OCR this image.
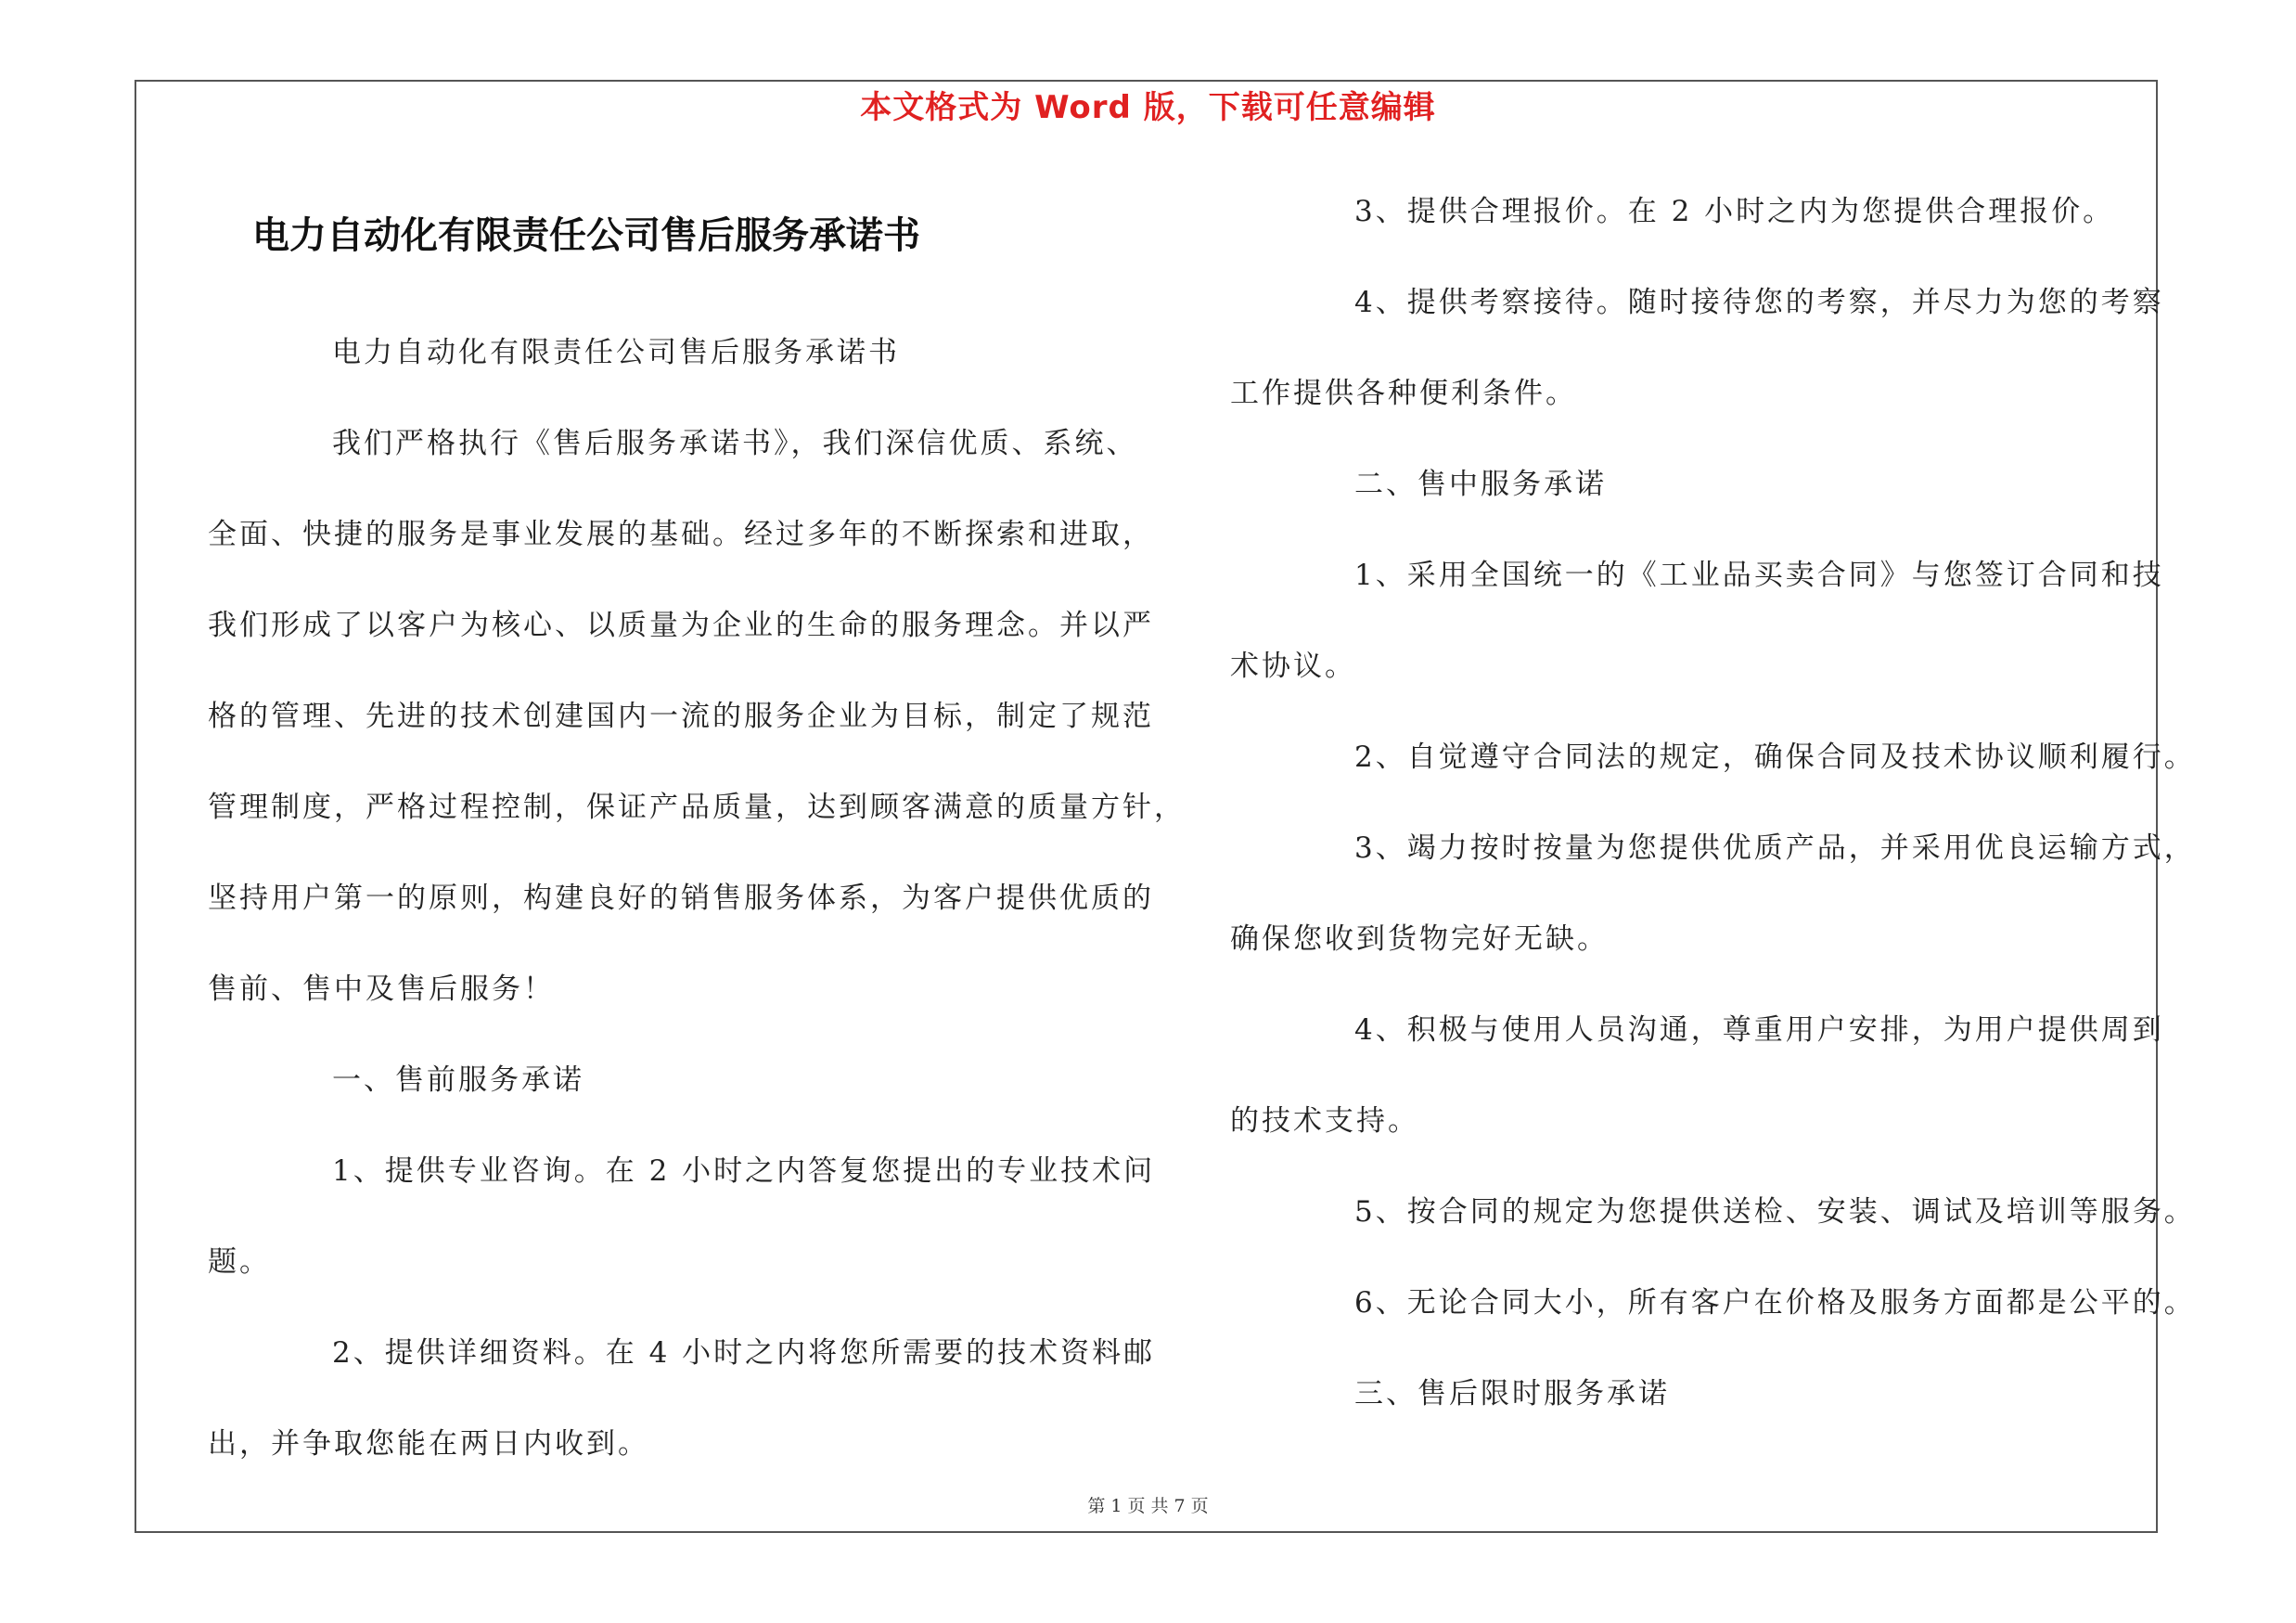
本文格式为 Word 版，下载可任意编辑
电力自动化有限责任公司售后服务承诺书
电力自动化有限责任公司售后服务承诺书
我们严格执行《售后服务承诺书》，我们深信优质、系统、
全面、快捷的服务是事业发展的基础。经过多年的不断探索和进取，
我们形成了以客户为核心、以质量为企业的生命的服务理念。并以严
格的管理、先进的技术创建国内一流的服务企业为目标，制定了规范
管理制度，严格过程控制，保证产品质量，达到顾客满意的质量方针，
坚持用户第一的原则，构建良好的销售服务体系，为客户提供优质的
售前、售中及售后服务！
一、售前服务承诺
1、提供专业咨询。在 2 小时之内答复您提出的专业技术问
题。
2、提供详细资料。在 4 小时之内将您所需要的技术资料邮
出，并争取您能在两日内收到。
3、提供合理报价。在 2 小时之内为您提供合理报价。
4、提供考察接待。随时接待您的考察，并尽力为您的考察
工作提供各种便利条件。
二、售中服务承诺
1、采用全国统一的《工业品买卖合同》与您签订合同和技
术协议。
2、自觉遵守合同法的规定，确保合同及技术协议顺利履行。
3、竭力按时按量为您提供优质产品，并采用优良运输方式，
确保您收到货物完好无缺。
4、积极与使用人员沟通，尊重用户安排，为用户提供周到
的技术支持。
5、按合同的规定为您提供送检、安装、调试及培训等服务。
6、无论合同大小，所有客户在价格及服务方面都是公平的。
三、售后限时服务承诺
第 1 页 共 7 页
